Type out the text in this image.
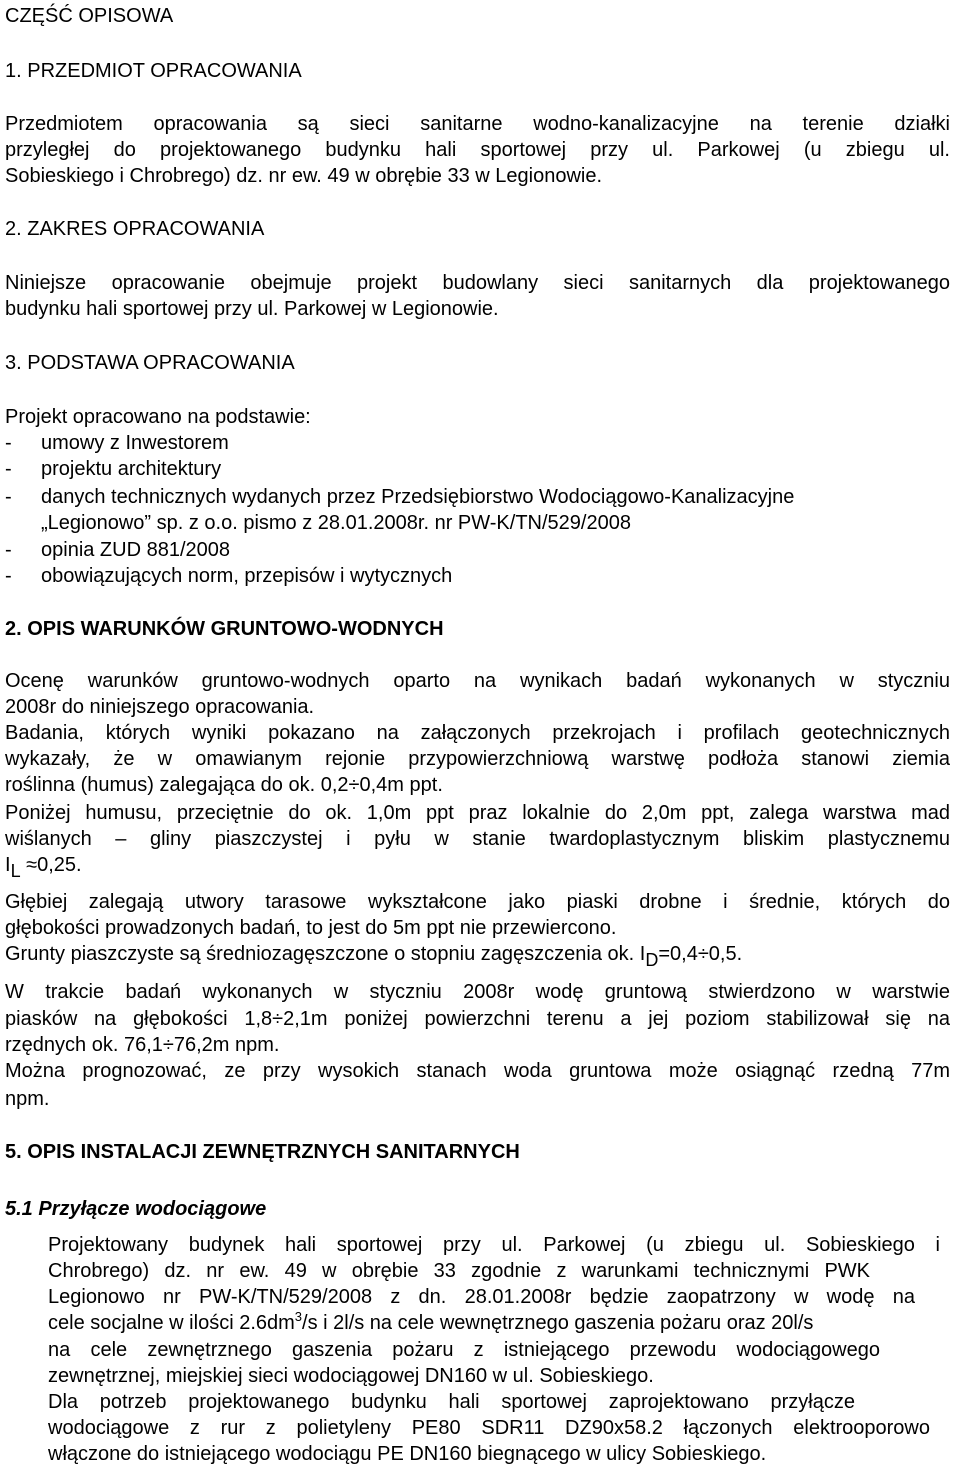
CZĘŚĆ OPISOWA
1. PRZEDMIOT OPRACOWANIA
Przedmiotem opracowania są sieci sanitarne wodno-kanalizacyjne na terenie działki
przyległej do projektowanego budynku hali sportowej przy ul. Parkowej (u zbiegu ul.
Sobieskiego i Chrobrego) dz. nr ew. 49 w obrębie 33 w Legionowie.
2. ZAKRES OPRACOWANIA
Niniejsze opracowanie obejmuje projekt budowlany sieci sanitarnych dla projektowanego
budynku hali sportowej przy ul. Parkowej w Legionowie.
3. PODSTAWA OPRACOWANIA
Projekt opracowano na podstawie:
- umowy z Inwestorem
- projektu architektury
- danych technicznych wydanych przez Przedsiębiorstwo Wodociągowo-Kanalizacyjne
„Legionowo” sp. z o.o. pismo z 28.01.2008r. nr PW-K/TN/529/2008
- opinia ZUD 881/2008
- obowiązujących norm, przepisów i wytycznych
2. OPIS WARUNKÓW GRUNTOWO-WODNYCH
Ocenę warunków gruntowo-wodnych oparto na wynikach badań wykonanych w styczniu
2008r do niniejszego opracowania.
Badania, których wyniki pokazano na załączonych przekrojach i profilach geotechnicznych
wykazały, że w omawianym rejonie przypowierzchniową warstwę podłoża stanowi ziemia
roślinna (humus) zalegająca do ok. 0,2÷0,4m ppt.
Poniżej humusu, przeciętnie do ok. 1,0m ppt praz lokalnie do 2,0m ppt, zalega warstwa mad
wiślanych – gliny piaszczystej i pyłu w stanie twardoplastycznym bliskim plastycznemu
IL ≈0,25.
Głębiej zalegają utwory tarasowe wykształcone jako piaski drobne i średnie, których do
głębokości prowadzonych badań, to jest do 5m ppt nie przewiercono.
Grunty piaszczyste są średniozagęszczone o stopniu zagęszczenia ok. ID=0,4÷0,5.
W trakcie badań wykonanych w styczniu 2008r wodę gruntową stwierdzono w warstwie
piasków na głębokości 1,8÷2,1m poniżej powierzchni terenu a jej poziom stabilizował się na
rzędnych ok. 76,1÷76,2m npm.
Można prognozować, ze przy wysokich stanach woda gruntowa może osiągnąć rzedną 77m
npm.
5. OPIS INSTALACJI ZEWNĘTRZNYCH SANITARNYCH
5.1 Przyłącze wodociągowe
Projektowany budynek hali sportowej przy ul. Parkowej (u zbiegu ul. Sobieskiego i
Chrobrego) dz. nr ew. 49 w obrębie 33 zgodnie z warunkami technicznymi PWK
Legionowo nr PW-K/TN/529/2008 z dn. 28.01.2008r będzie zaopatrzony w wodę na
cele socjalne w ilości $2.6dm^3/s$ i 2l/s na cele wewnętrznego gaszenia pożaru oraz 20l/s
na cele zewnętrznego gaszenia pożaru z istniejącego przewodu wodociągowego
zewnętrznej, miejskiej sieci wodociągowej DN160 w ul. Sobieskiego.
Dla potrzeb projektowanego budynku hali sportowej zaprojektowano przyłącze
wodociągowe z rur z polietyleny PE80 SDR11 DZ90x58.2 łączonych elektrooporowo
włączone do istniejącego wodociągu PE DN160 biegnącego w ulicy Sobieskiego.
